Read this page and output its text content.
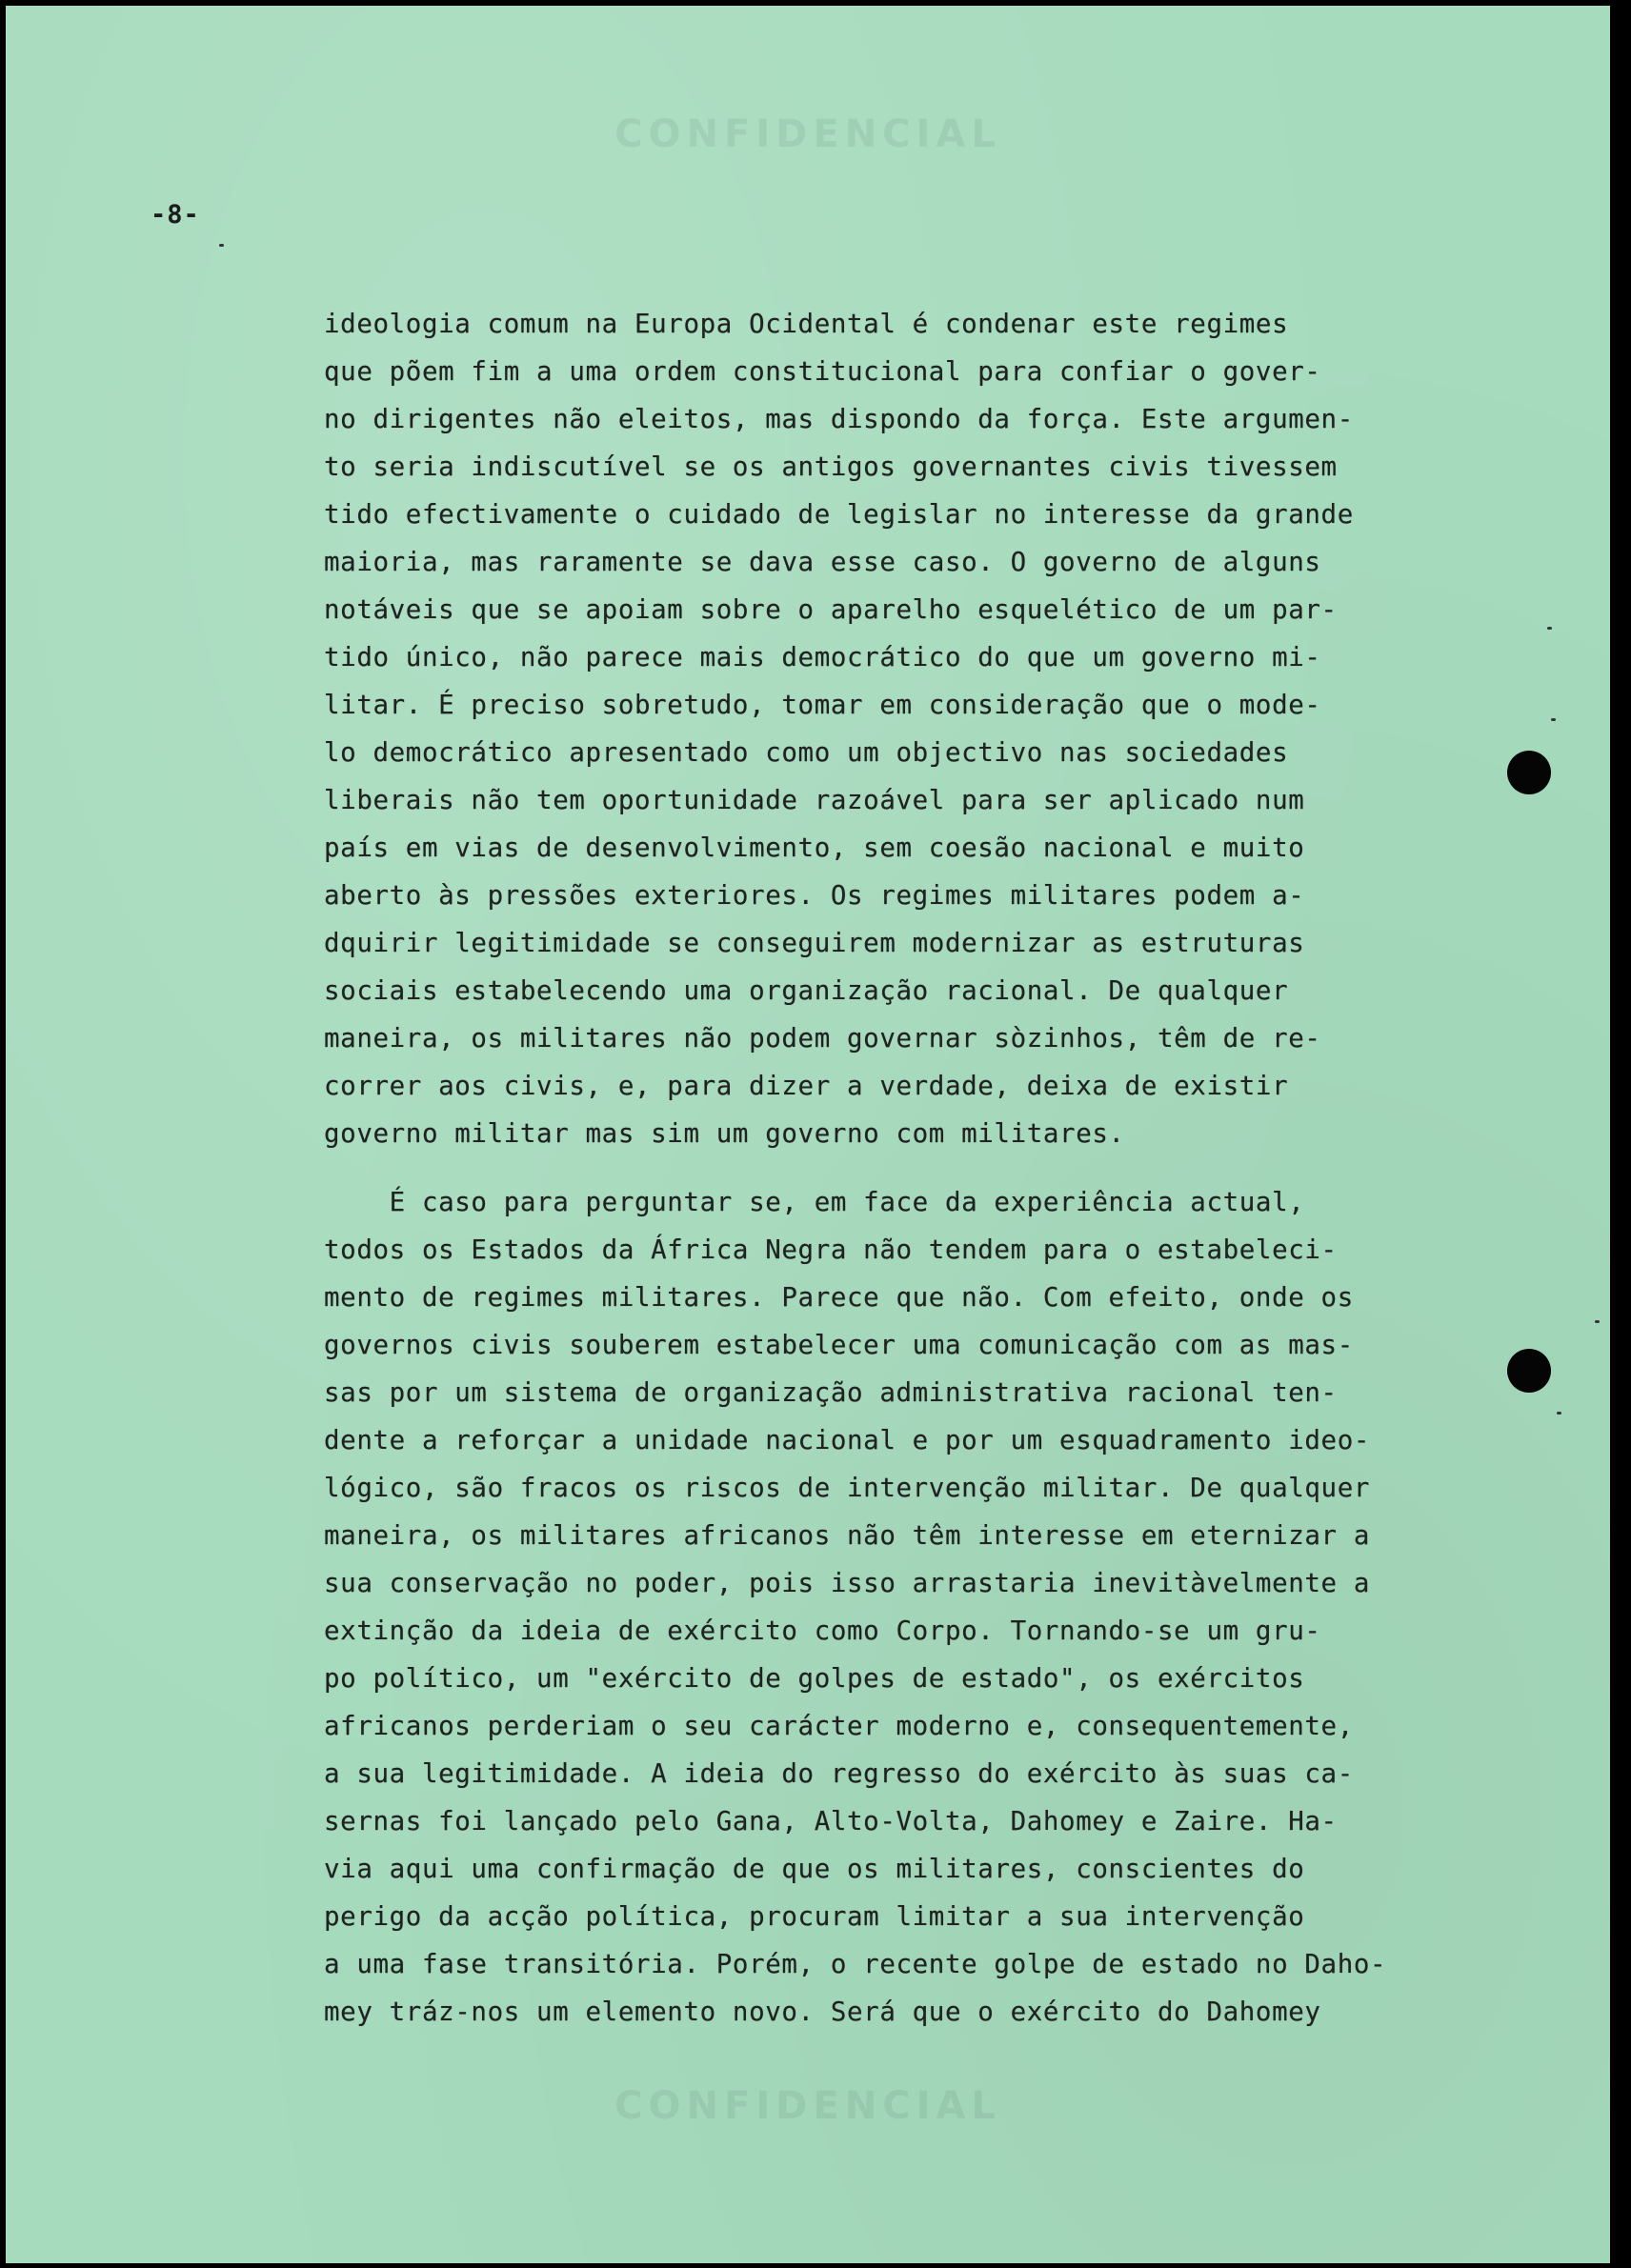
CONFIDENCIAL
-8-
ideologia comum na Europa Ocidental é condenar este regimes
que põem fim a uma ordem constitucional para confiar o gover-
no dirigentes não eleitos, mas dispondo da força. Este argumen-
to seria indiscutível se os antigos governantes civis tivessem
tido efectivamente o cuidado de legislar no interesse da grande
maioria, mas raramente se dava esse caso. O governo de alguns
notáveis que se apoiam sobre o aparelho esquelético de um par-
tido único, não parece mais democrático do que um governo mi-
litar. É preciso sobretudo, tomar em consideração que o mode-
lo democrático apresentado como um objectivo nas sociedades
liberais não tem oportunidade razoável para ser aplicado num
país em vias de desenvolvimento, sem coesão nacional e muito
aberto às pressões exteriores. Os regimes militares podem a-
dquirir legitimidade se conseguirem modernizar as estruturas
sociais estabelecendo uma organização racional. De qualquer
maneira, os militares não podem governar sòzinhos, têm de re-
correr aos civis, e, para dizer a verdade, deixa de existir
governo militar mas sim um governo com militares.
É caso para perguntar se, em face da experiência actual,
todos os Estados da África Negra não tendem para o estabeleci-
mento de regimes militares. Parece que não. Com efeito, onde os
governos civis souberem estabelecer uma comunicação com as mas-
sas por um sistema de organização administrativa racional ten-
dente a reforçar a unidade nacional e por um esquadramento ideo-
lógico, são fracos os riscos de intervenção militar. De qualquer
maneira, os militares africanos não têm interesse em eternizar a
sua conservação no poder, pois isso arrastaria inevitàvelmente a
extinção da ideia de exército como Corpo. Tornando-se um gru-
po político, um "exército de golpes de estado", os exércitos
africanos perderiam o seu carácter moderno e, consequentemente,
a sua legitimidade. A ideia do regresso do exército às suas ca-
sernas foi lançado pelo Gana, Alto-Volta, Dahomey e Zaire. Ha-
via aqui uma confirmação de que os militares, conscientes do
perigo da acção política, procuram limitar a sua intervenção
a uma fase transitória. Porém, o recente golpe de estado no Daho-
mey tráz-nos um elemento novo. Será que o exército do Dahomey
CONFIDENCIAL
